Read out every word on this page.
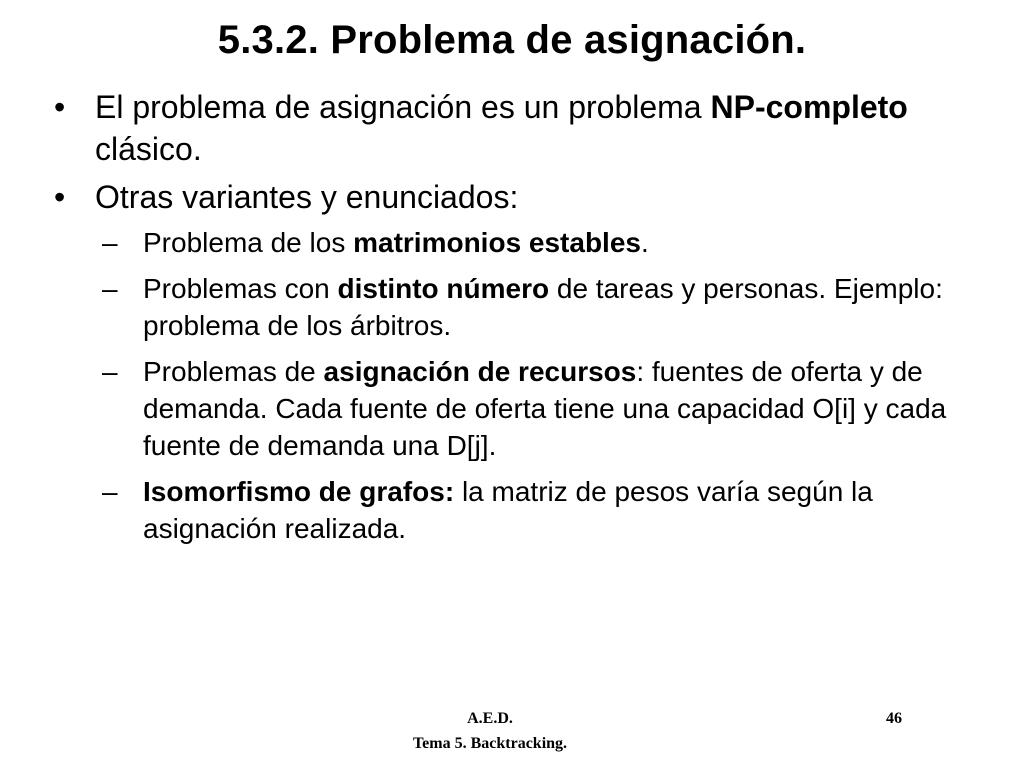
5.3.2. Problema de asignación.
• El problema de asignación es un problema NP-completo clásico.
• Otras variantes y enunciados:
– Problema de los matrimonios estables.
– Problemas con distinto número de tareas y personas. Ejemplo: problema de los árbitros.
– Problemas de asignación de recursos: fuentes de oferta y de demanda. Cada fuente de oferta tiene una capacidad O[i] y cada fuente de demanda una D[j].
– Isomorfismo de grafos: la matriz de pesos varía según la asignación realizada.
A.E.D.
Tema 5. Backtracking.
46
